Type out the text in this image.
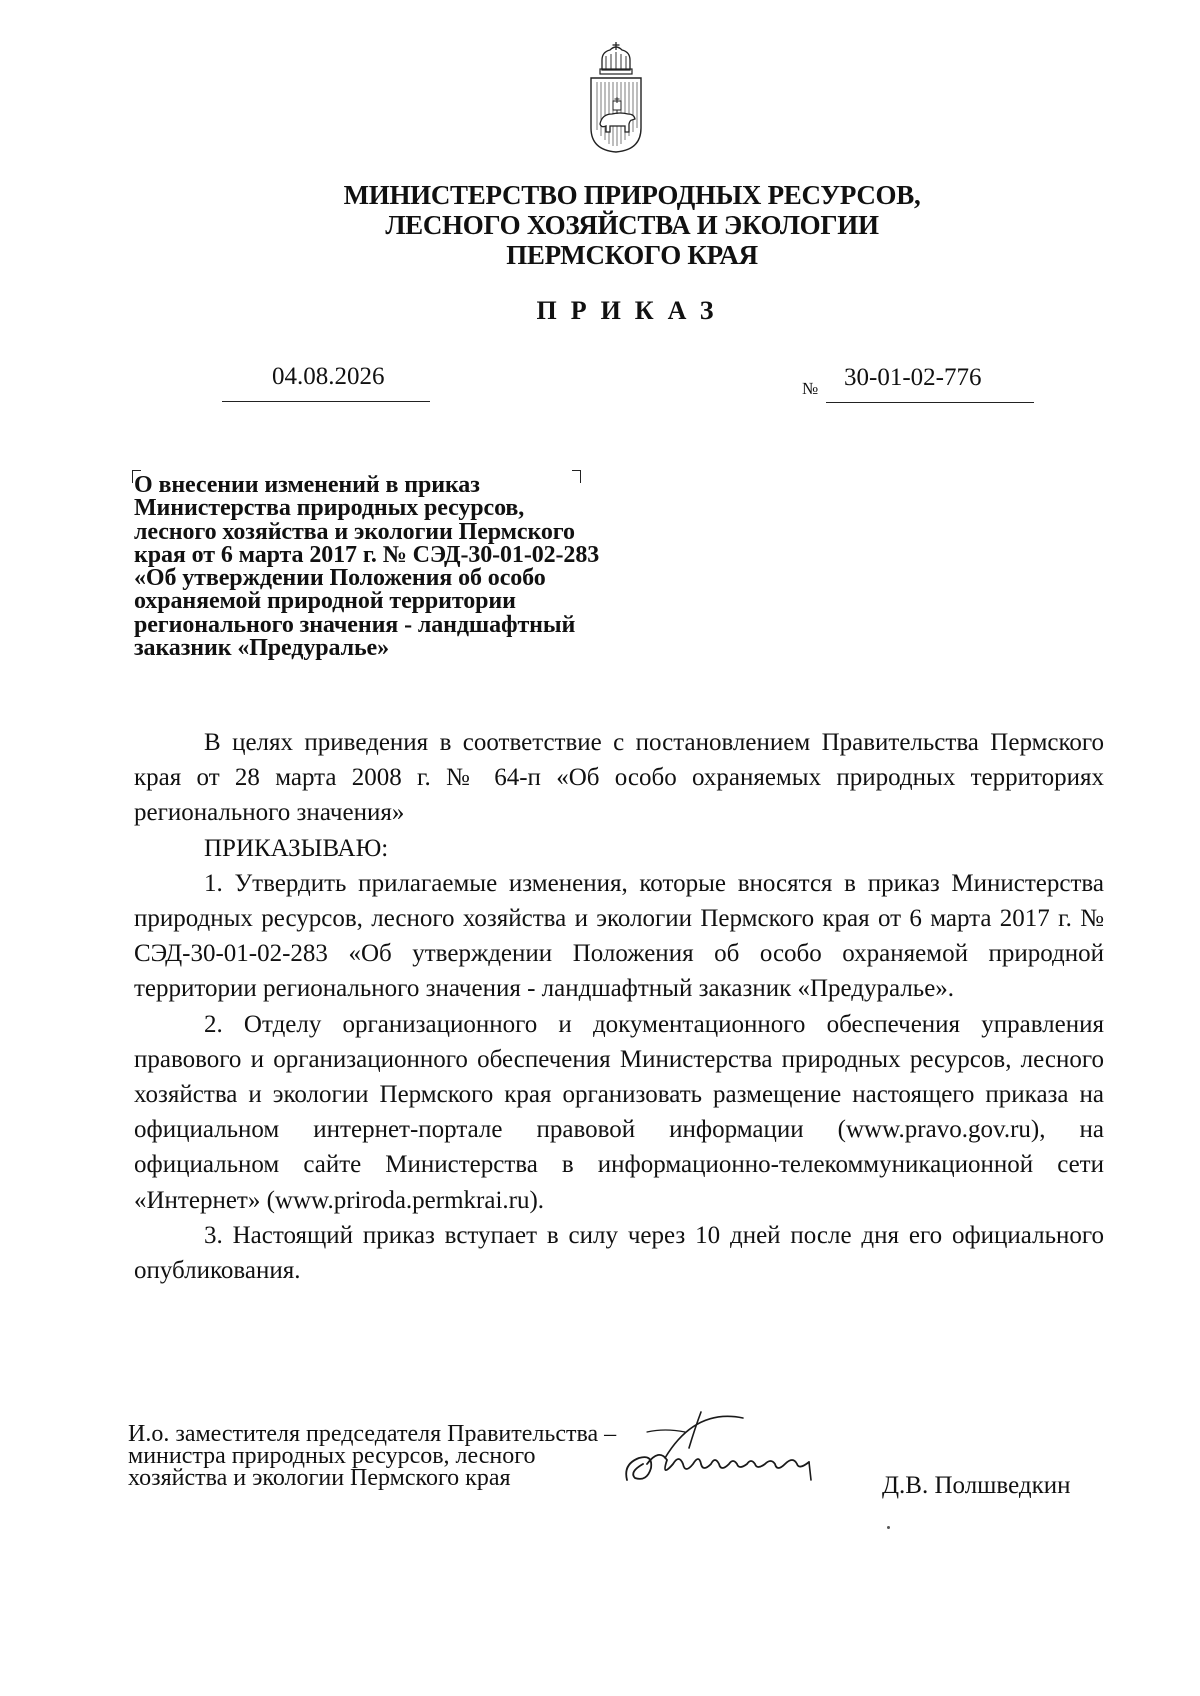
МИНИСТЕРСТВО ПРИРОДНЫХ РЕСУРСОВ,
ЛЕСНОГО ХОЗЯЙСТВА И ЭКОЛОГИИ
ПЕРМСКОГО КРАЯ
ПРИКАЗ
04.08.2026	№ 30-01-02-776
О внесении изменений в приказ
Министерства природных ресурсов,
лесного хозяйства и экологии Пермского
края от 6 марта 2017 г. № СЭД-30-01-02-283
«Об утверждении Положения об особо
охраняемой природной территории
регионального значения - ландшафтный
заказник «Предуралье»

В целях приведения в соответствие с постановлением Правительства Пермского края от 28 марта 2008 г. № 64-п «Об особо охраняемых природных территориях регионального значения»

ПРИКАЗЫВАЮ:

1. Утвердить прилагаемые изменения, которые вносятся в приказ Министерства природных ресурсов, лесного хозяйства и экологии Пермского края от 6 марта 2017 г. № СЭД-30-01-02-283 «Об утверждении Положения об особо охраняемой природной территории регионального значения - ландшафтный заказник «Предуралье».

2. Отделу организационного и документационного обеспечения управления правового и организационного обеспечения Министерства природных ресурсов, лесного хозяйства и экологии Пермского края организовать размещение настоящего приказа на официальном интернет-портале правовой информации (www.pravo.gov.ru), на официальном сайте Министерства в информационно-телекоммуникационной сети «Интернет» (www.priroda.permkrai.ru).

3. Настоящий приказ вступает в силу через 10 дней после дня его официального опубликования.

И.о. заместителя председателя Правительства –
министра природных ресурсов, лесного
хозяйства и экологии Пермского края	Д.В. Полшведкин
